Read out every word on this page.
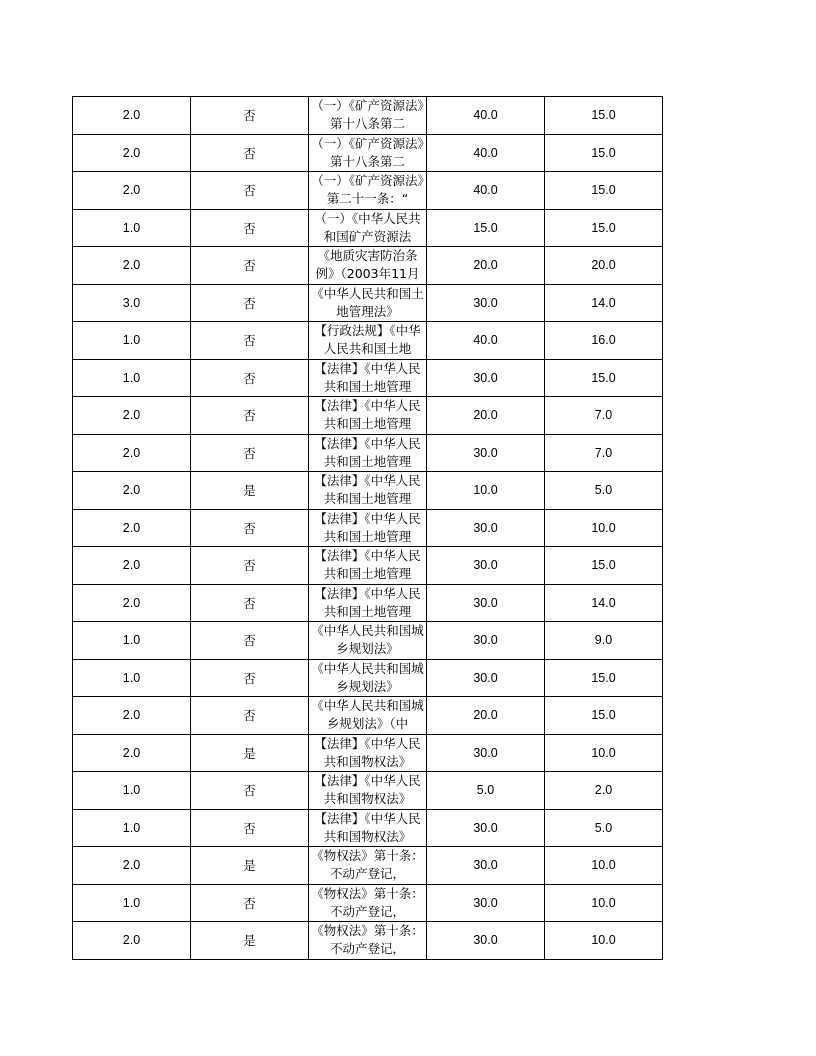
2.0	否	（一）《矿产资源法》第十八条第二	40.0	15.0
2.0	否	（一）《矿产资源法》第十八条第二	40.0	15.0
2.0	否	（一）《矿产资源法》第二十一条：“	40.0	15.0
1.0	否	（一）《中华人民共和国矿产资源法	15.0	15.0
2.0	否	《地质灾害防治条例》（2003年11月	20.0	20.0
3.0	否	《中华人民共和国土地管理法》	30.0	14.0
1.0	否	【行政法规】《中华人民共和国土地	40.0	16.0
1.0	否	【法律】《中华人民共和国土地管理	30.0	15.0
2.0	否	【法律】《中华人民共和国土地管理	20.0	7.0
2.0	否	【法律】《中华人民共和国土地管理	30.0	7.0
2.0	是	【法律】《中华人民共和国土地管理	10.0	5.0
2.0	否	【法律】《中华人民共和国土地管理	30.0	10.0
2.0	否	【法律】《中华人民共和国土地管理	30.0	15.0
2.0	否	【法律】《中华人民共和国土地管理	30.0	14.0
1.0	否	《中华人民共和国城乡规划法》	30.0	9.0
1.0	否	《中华人民共和国城乡规划法》	30.0	15.0
2.0	否	《中华人民共和国城乡规划法》（中	20.0	15.0
2.0	是	【法律】《中华人民共和国物权法》	30.0	10.0
1.0	否	【法律】《中华人民共和国物权法》	5.0	2.0
1.0	否	【法律】《中华人民共和国物权法》	30.0	5.0
2.0	是	《物权法》第十条：不动产登记，	30.0	10.0
1.0	否	《物权法》第十条：不动产登记，	30.0	10.0
2.0	是	《物权法》第十条：不动产登记，	30.0	10.0
